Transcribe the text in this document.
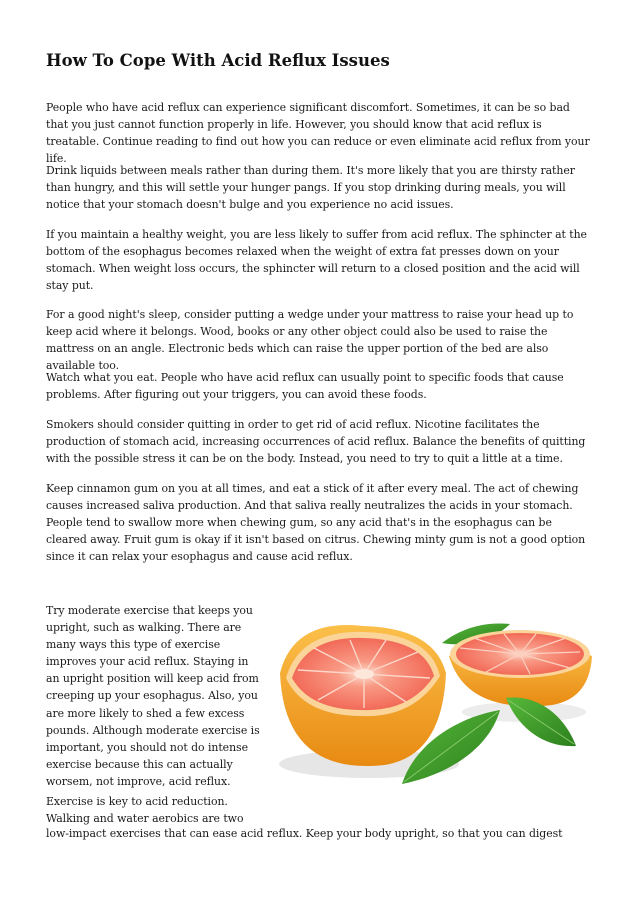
How To Cope With Acid Reflux Issues

People who have acid reflux can experience significant discomfort. Sometimes, it can be so bad that you just cannot function properly in life. However, you should know that acid reflux is treatable. Continue reading to find out how you can reduce or even eliminate acid reflux from your life.

Drink liquids between meals rather than during them. It's more likely that you are thirsty rather than hungry, and this will settle your hunger pangs. If you stop drinking during meals, you will notice that your stomach doesn't bulge and you experience no acid issues.

If you maintain a healthy weight, you are less likely to suffer from acid reflux. The sphincter at the bottom of the esophagus becomes relaxed when the weight of extra fat presses down on your stomach. When weight loss occurs, the sphincter will return to a closed position and the acid will stay put.

For a good night's sleep, consider putting a wedge under your mattress to raise your head up to keep acid where it belongs. Wood, books or any other object could also be used to raise the mattress on an angle. Electronic beds which can raise the upper portion of the bed are also available too.

Watch what you eat. People who have acid reflux can usually point to specific foods that cause problems. After figuring out your triggers, you can avoid these foods.

Smokers should consider quitting in order to get rid of acid reflux. Nicotine facilitates the production of stomach acid, increasing occurrences of acid reflux. Balance the benefits of quitting with the possible stress it can be on the body. Instead, you need to try to quit a little at a time.

Keep cinnamon gum on you at all times, and eat a stick of it after every meal. The act of chewing causes increased saliva production. And that saliva really neutralizes the acids in your stomach. People tend to swallow more when chewing gum, so any acid that's in the esophagus can be cleared away. Fruit gum is okay if it isn't based on citrus. Chewing minty gum is not a good option since it can relax your esophagus and cause acid reflux.

Try moderate exercise that keeps you upright, such as walking. There are many ways this type of exercise improves your acid reflux. Staying in an upright position will keep acid from creeping up your esophagus. Also, you are more likely to shed a few excess pounds. Although moderate exercise is important, you should not do intense exercise because this can actually worsem, not improve, acid reflux.

Exercise is key to acid reduction. Walking and water aerobics are two

low-impact exercises that can ease acid reflux. Keep your body upright, so that you can digest
